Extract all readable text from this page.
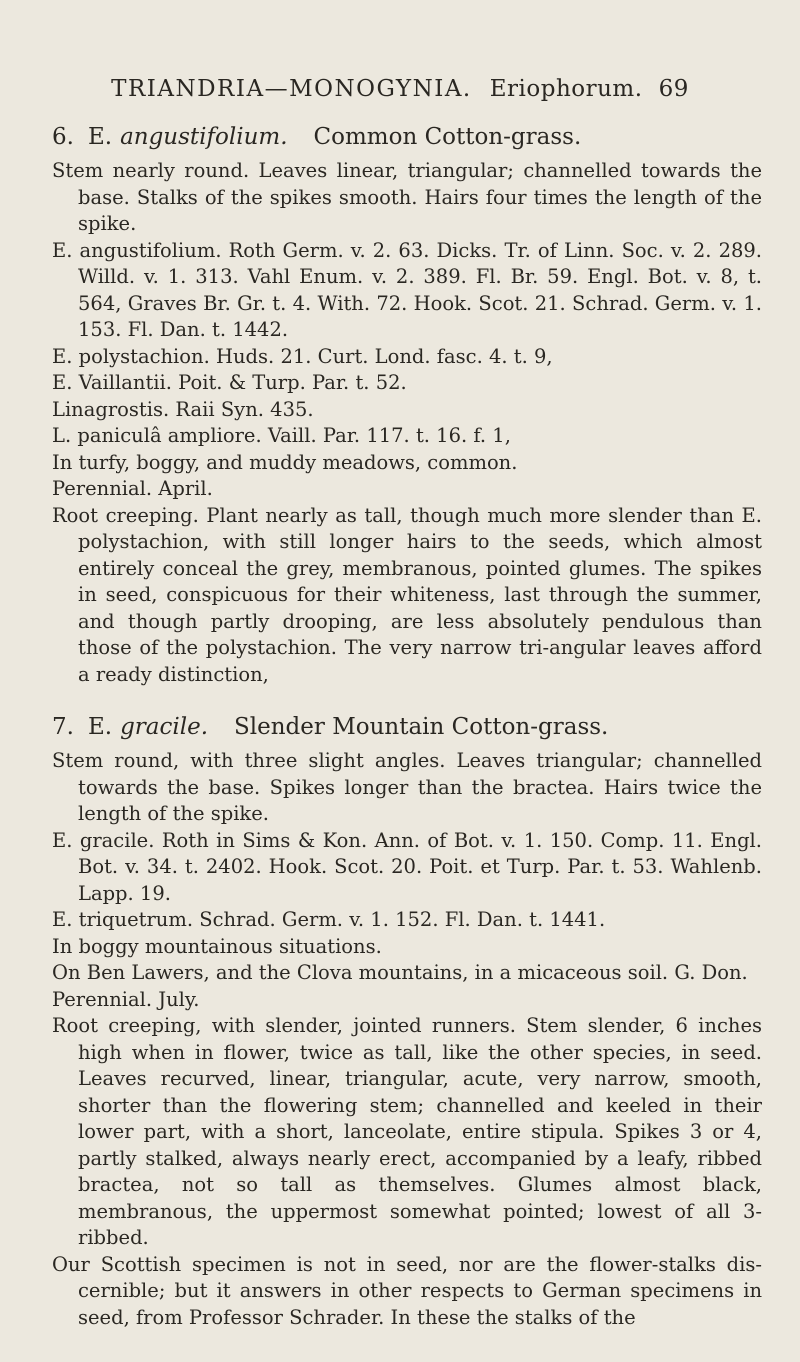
TRIANDRIA—MONOGYNIA. Eriophorum. 69
6. E. angustifolium. Common Cotton-grass.

Stem nearly round. Leaves linear, triangular; channelled towards the base. Stalks of the spikes smooth. Hairs four times the length of the spike.

E. angustifolium. Roth Germ. v. 2. 63. Dicks. Tr. of Linn. Soc. v. 2. 289. Willd. v. 1. 313. Vahl Enum. v. 2. 389. Fl. Br. 59. Engl. Bot. v. 8, t. 564, Graves Br. Gr. t. 4. With. 72. Hook. Scot. 21. Schrad. Germ. v. 1. 153. Fl. Dan. t. 1442.

E. polystachion. Huds. 21. Curt. Lond. fasc. 4. t. 9,

E. Vaillantii. Poit. & Turp. Par. t. 52.

Linagrostis. Raii Syn. 435.

L. paniculâ ampliore. Vaill. Par. 117. t. 16. f. 1,

In turfy, boggy, and muddy meadows, common.

Perennial. April.

Root creeping. Plant nearly as tall, though much more slender than E. polystachion, with still longer hairs to the seeds, which almost entirely conceal the grey, membranous, pointed glumes. The spikes in seed, conspicuous for their whiteness, last through the summer, and though partly drooping, are less absolutely pendulous than those of the polystachion. The very narrow tri-angular leaves afford a ready distinction,

7. E. gracile. Slender Mountain Cotton-grass.

Stem round, with three slight angles. Leaves triangular; channelled towards the base. Spikes longer than the bractea. Hairs twice the length of the spike.

E. gracile. Roth in Sims & Kon. Ann. of Bot. v. 1. 150. Comp. 11. Engl. Bot. v. 34. t. 2402. Hook. Scot. 20. Poit. et Turp. Par. t. 53. Wahlenb. Lapp. 19.

E. triquetrum. Schrad. Germ. v. 1. 152. Fl. Dan. t. 1441.

In boggy mountainous situations.

On Ben Lawers, and the Clova mountains, in a micaceous soil. G. Don.

Perennial. July.

Root creeping, with slender, jointed runners. Stem slender, 6 inches high when in flower, twice as tall, like the other species, in seed. Leaves recurved, linear, triangular, acute, very narrow, smooth, shorter than the flowering stem; channelled and keeled in their lower part, with a short, lanceolate, entire stipula. Spikes 3 or 4, partly stalked, always nearly erect, accompanied by a leafy, ribbed bractea, not so tall as themselves. Glumes almost black, membranous, the uppermost somewhat pointed; lowest of all 3-ribbed.

Our Scottish specimen is not in seed, nor are the flower-stalks dis-cernible; but it answers in other respects to German specimens in seed, from Professor Schrader. In these the stalks of the
